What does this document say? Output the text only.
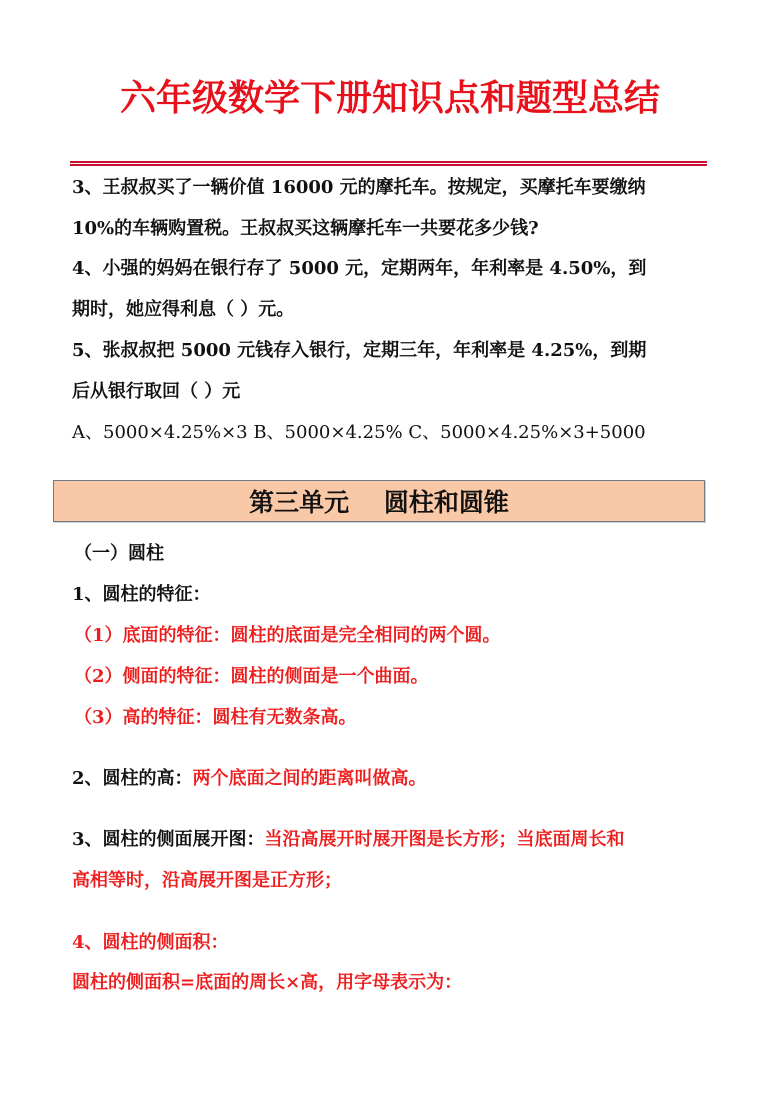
六年级数学下册知识点和题型总结
3、王叔叔买了一辆价值 16000 元的摩托车。按规定，买摩托车要缴纳
10%的车辆购置税。王叔叔买这辆摩托车一共要花多少钱?
4、小强的妈妈在银行存了 5000 元，定期两年，年利率是 4.50%，到
期时，她应得利息（ ）元。
5、张叔叔把 5000 元钱存入银行，定期三年，年利率是 4.25%，到期
后从银行取回（ ）元
A、5000×4.25%×3 B、5000×4.25% C、5000×4.25%×3+5000
第三单元    圆柱和圆锥
（一）圆柱
1、圆柱的特征：
（1）底面的特征：圆柱的底面是完全相同的两个圆。
（2）侧面的特征：圆柱的侧面是一个曲面。
（3）高的特征：圆柱有无数条高。
2、圆柱的高：两个底面之间的距离叫做高。
3、圆柱的侧面展开图：当沿高展开时展开图是长方形；当底面周长和
高相等时，沿高展开图是正方形；
4、圆柱的侧面积：
圆柱的侧面积=底面的周长×高，用字母表示为：
